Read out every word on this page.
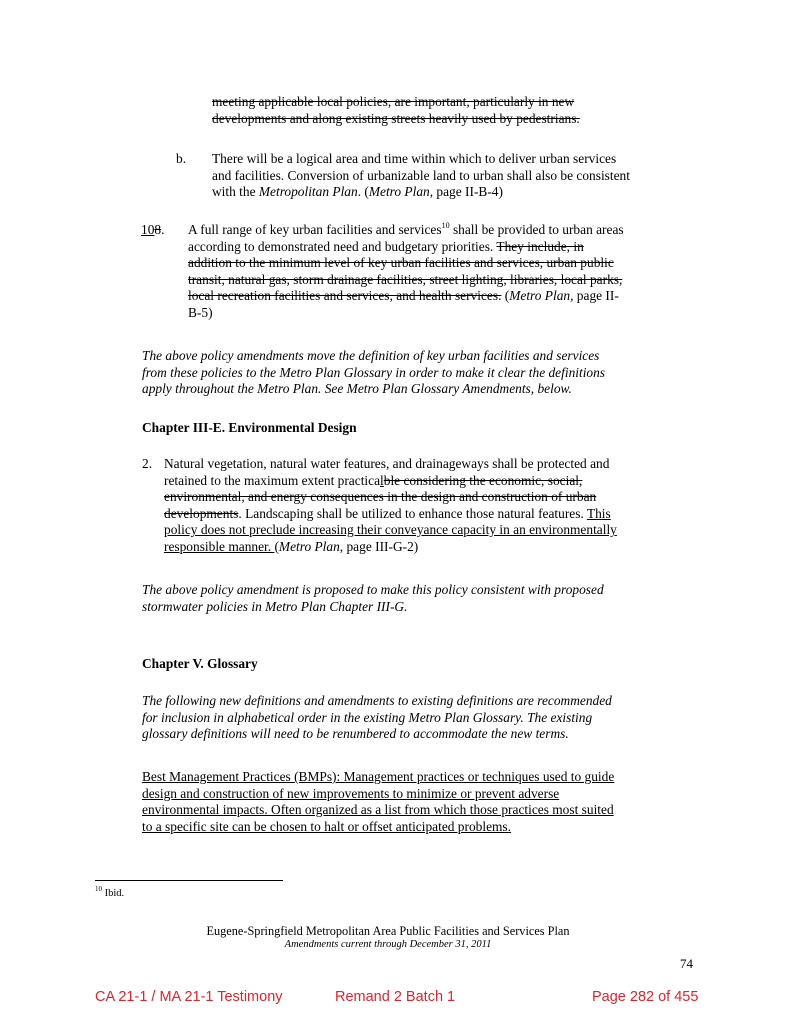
meeting applicable local policies, are important, particularly in new

developments and along existing streets heavily used by pedestrians.

b. There will be a logical area and time within which to deliver urban services

and facilities. Conversion of urbanizable land to urban shall also be consistent

with the Metropolitan Plan. (Metro Plan, page II-B-4)

108. A full range of key urban facilities and services$^{10}$ shall be provided to urban areas

according to demonstrated need and budgetary priorities. They include, in

addition to the minimum level of key urban facilities and services, urban public

transit, natural gas, storm drainage facilities, street lighting, libraries, local parks,

local recreation facilities and services, and health services. (Metro Plan, page II-

B-5)

The above policy amendments move the definition of key urban facilities and services

from these policies to the Metro Plan Glossary in order to make it clear the definitions

apply throughout the Metro Plan. See Metro Plan Glossary Amendments, below.

Chapter III-E. Environmental Design
2. Natural vegetation, natural water features, and drainageways shall be protected and

retained to the maximum extent practicalble considering the economic, social,

environmental, and energy consequences in the design and construction of urban

developments. Landscaping shall be utilized to enhance those natural features. This

policy does not preclude increasing their conveyance capacity in an environmentally

responsible manner. (Metro Plan, page III-G-2)

The above policy amendment is proposed to make this policy consistent with proposed

stormwater policies in Metro Plan Chapter III-G.

Chapter V. Glossary

The following new definitions and amendments to existing definitions are recommended

for inclusion in alphabetical order in the existing Metro Plan Glossary. The existing

glossary definitions will need to be renumbered to accommodate the new terms.

Best Management Practices (BMPs): Management practices or techniques used to guide

design and construction of new improvements to minimize or prevent adverse

environmental impacts. Often organized as a list from which those practices most suited

to a specific site can be chosen to halt or offset anticipated problems.

$^{10}$ Ibid.
Eugene-Springfield Metropolitan Area Public Facilities and Services Plan
Amendments current through December 31, 2011
74
CA 21-1 / MA 21-1 Testimony	Remand 2 Batch 1	Page 282 of 455
